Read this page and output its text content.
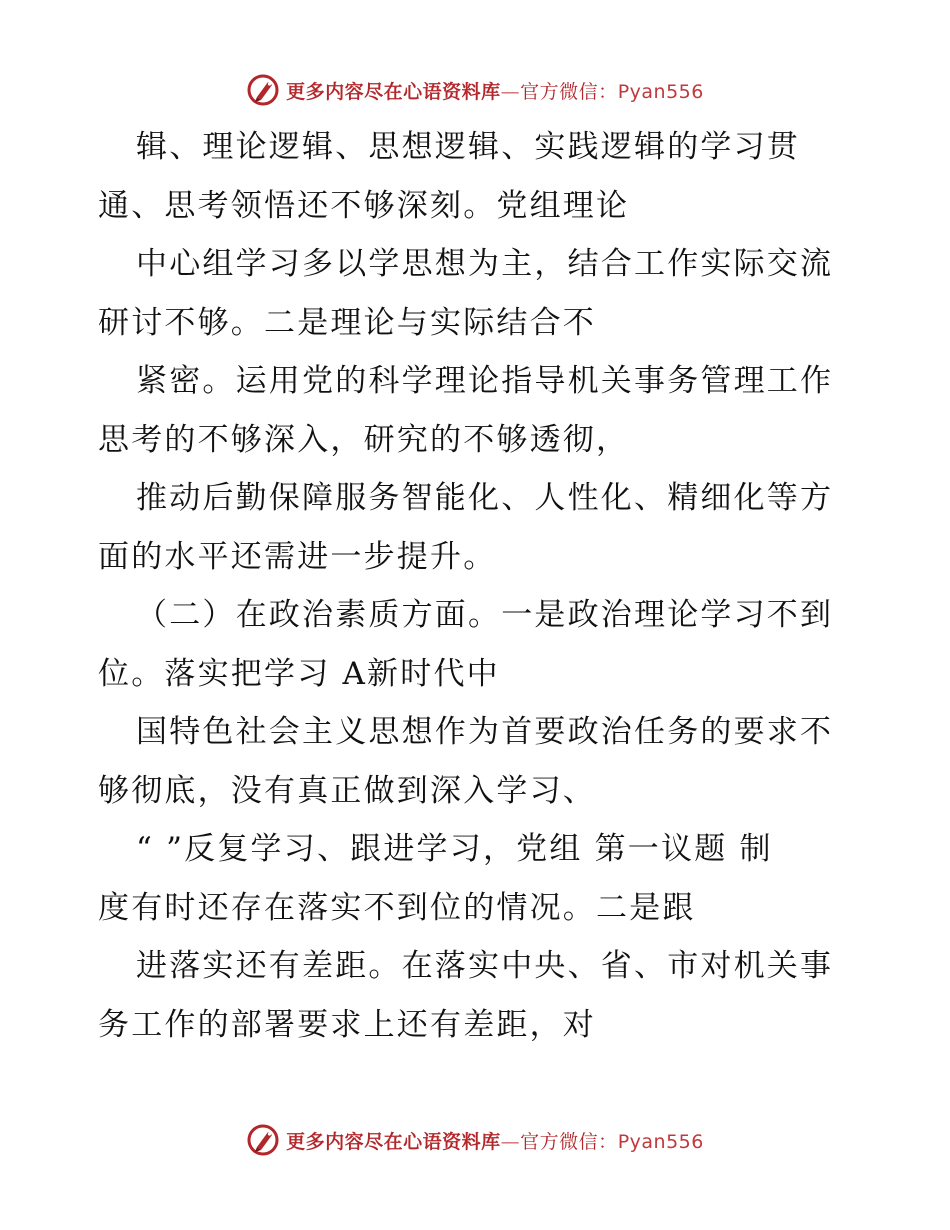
更多内容尽在心语资料库—官方微信：Pyan556
辑、理论逻辑、思想逻辑、实践逻辑的学习贯
通、思考领悟还不够深刻。党组理论
中心组学习多以学思想为主，结合工作实际交流
研讨不够。二是理论与实际结合不
紧密。运用党的科学理论指导机关事务管理工作
思考的不够深入，研究的不够透彻，
推动后勤保障服务智能化、人性化、精细化等方
面的水平还需进一步提升。
（二）在政治素质方面。一是政治理论学习不到
位。落实把学习 A新时代中
国特色社会主义思想作为首要政治任务的要求不
够彻底，没有真正做到深入学习、
“ ”反复学习、跟进学习，党组 第一议题 制
度有时还存在落实不到位的情况。二是跟
进落实还有差距。在落实中央、省、市对机关事
务工作的部署要求上还有差距，对
更多内容尽在心语资料库—官方微信：Pyan556
